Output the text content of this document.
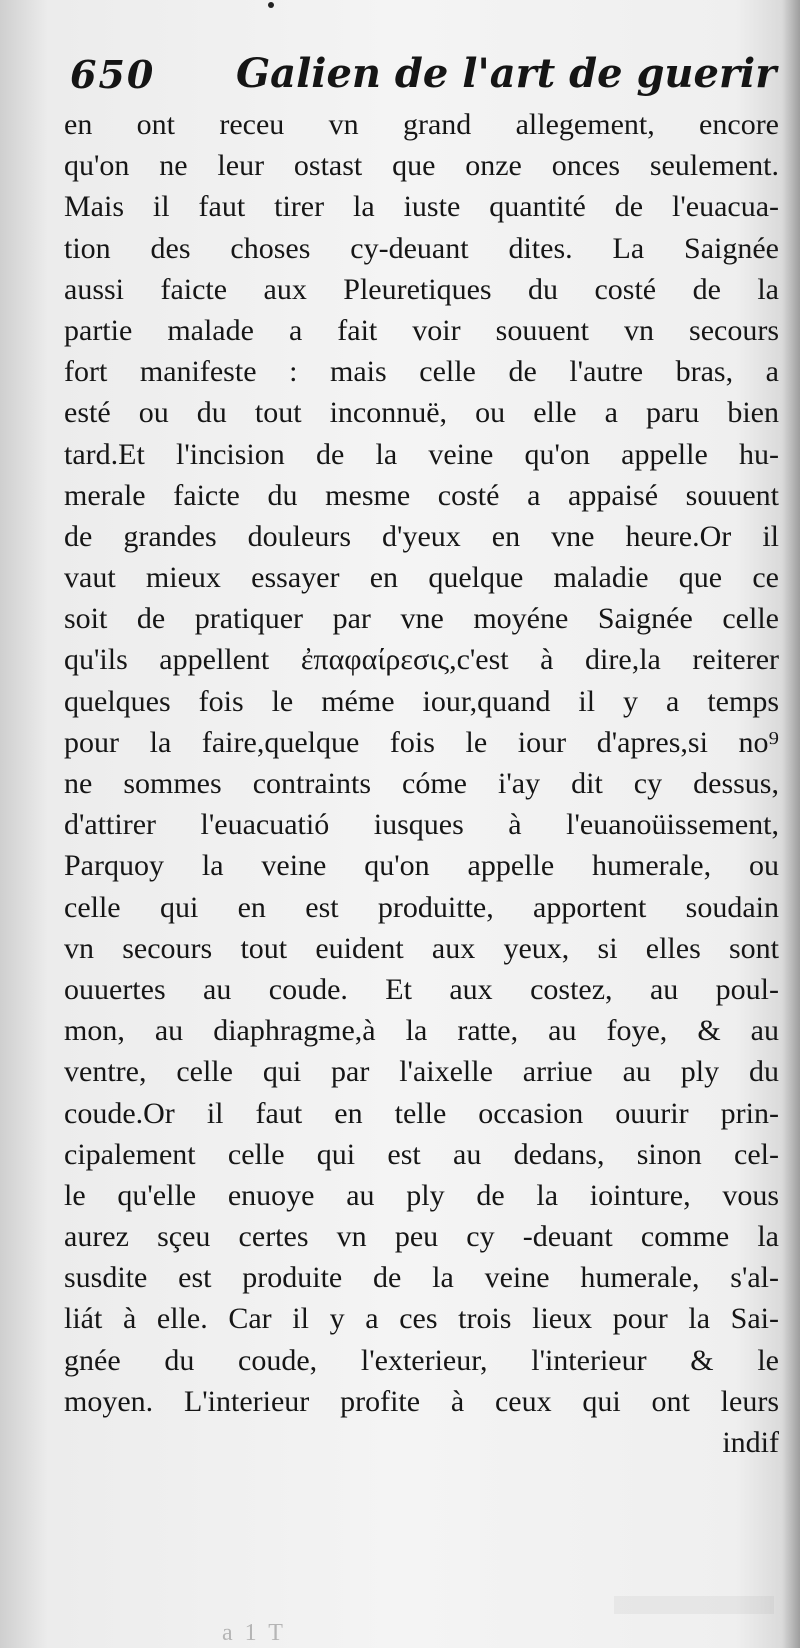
650 Galien de l'art de guerir
en ont receu vn grand allegement, encore
qu'on ne leur ostast que onze onces seulement.
Mais il faut tirer la iuste quantité de l'euacua-
tion des choses cy-deuant dites. La Saignée
aussi faicte aux Pleuretiques du costé de la
partie malade a fait voir souuent vn secours
fort manifeste : mais celle de l'autre bras, a
esté ou du tout inconnuë, ou elle a paru bien
tard.Et l'incision de la veine qu'on appelle hu-
merale faicte du mesme costé a appaisé souuent
de grandes douleurs d'yeux en vne heure.Or il
vaut mieux essayer en quelque maladie que ce
soit de pratiquer par vne moyéne Saignée celle
qu'ils appellent ἐπαφαίρεσις,c'est à dire,la reiterer
quelques fois le méme iour,quand il y a temps
pour la faire,quelque fois le iour d'apres,si no⁹
ne sommes contraints cóme i'ay dit cy dessus,
d'attirer l'euacuatió iusques à l'euanoüissement,
Parquoy la veine qu'on appelle humerale, ou
celle qui en est produitte, apportent soudain
vn secours tout euident aux yeux, si elles sont
ouuertes au coude. Et aux costez, au poul-
mon, au diaphragme,à la ratte, au foye, & au
ventre, celle qui par l'aixelle arriue au ply du
coude.Or il faut en telle occasion ouurir prin-
cipalement celle qui est au dedans, sinon cel-
le qu'elle enuoye au ply de la iointure, vous
aurez sçeu certes vn peu cy -deuant comme la
susdite est produite de la veine humerale, s'al-
liát à elle. Car il y a ces trois lieux pour la Sai-
gnée du coude, l'exterieur, l'interieur & le
moyen. L'interieur profite à ceux qui ont leurs
indif
a 1 T
